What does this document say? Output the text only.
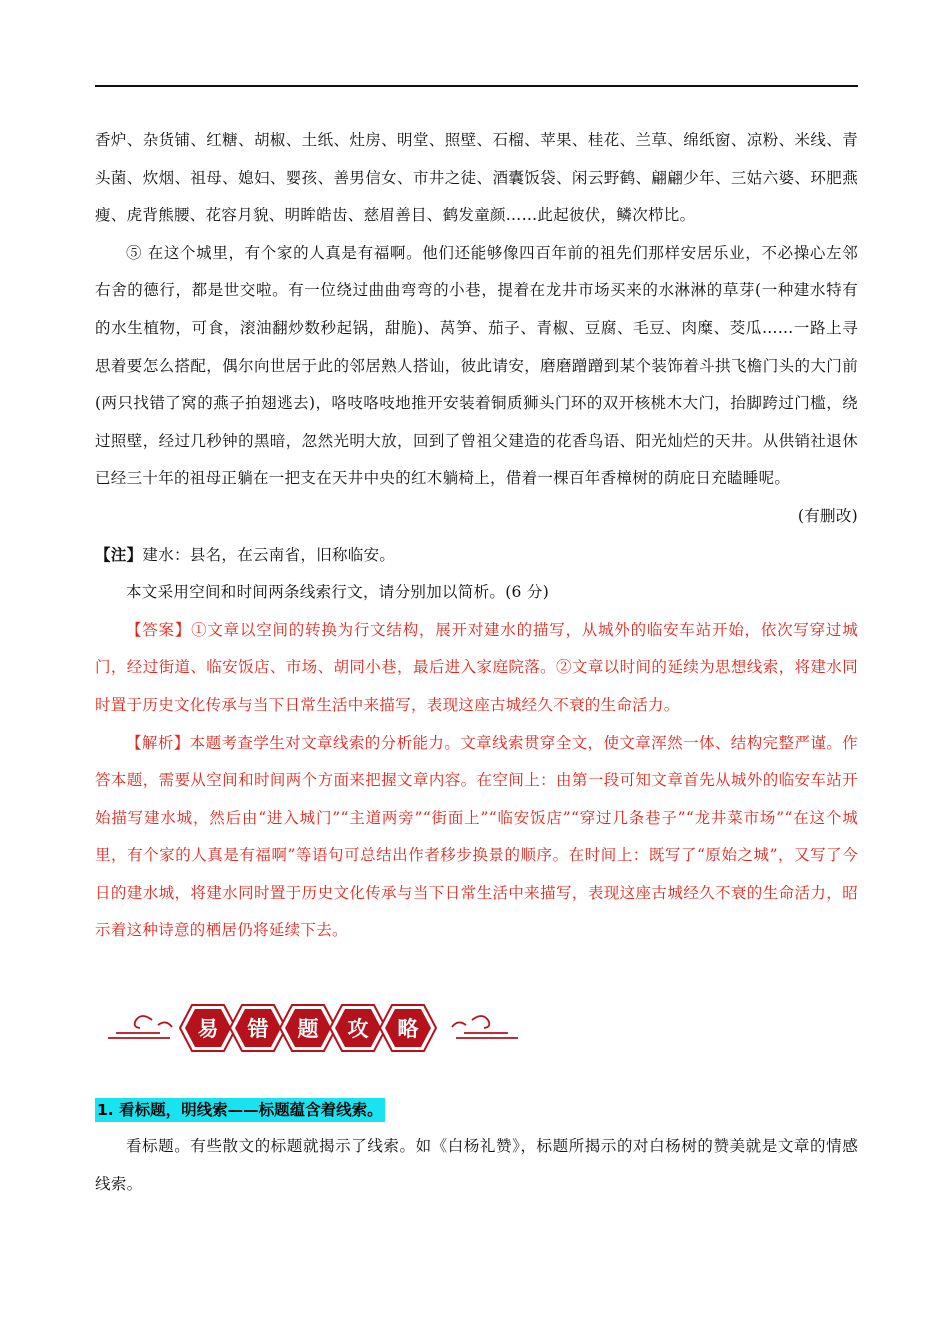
香炉、杂货铺、红糖、胡椒、土纸、灶房、明堂、照壁、石榴、苹果、桂花、兰草、绵纸窗、凉粉、米线、青头菌、炊烟、祖母、媳妇、婴孩、善男信女、市井之徒、酒囊饭袋、闲云野鹤、翩翩少年、三姑六婆、环肥燕瘦、虎背熊腰、花容月貌、明眸皓齿、慈眉善目、鹤发童颜……此起彼伏，鳞次栉比。

⑤ 在这个城里，有个家的人真是有福啊。他们还能够像四百年前的祖先们那样安居乐业，不必操心左邻右舍的德行，都是世交啦。有一位绕过曲曲弯弯的小巷，提着在龙井市场买来的水淋淋的草芽(一种建水特有的水生植物，可食，滚油翻炒数秒起锅，甜脆)、莴笋、茄子、青椒、豆腐、毛豆、肉糜、茭瓜……一路上寻思着要怎么搭配，偶尔向世居于此的邻居熟人搭讪，彼此请安，磨磨蹭蹭到某个装饰着斗拱飞檐门头的大门前(两只找错了窝的燕子拍翅逃去)，咯吱咯吱地推开安装着铜质狮头门环的双开核桃木大门，抬脚跨过门槛，绕过照壁，经过几秒钟的黑暗，忽然光明大放，回到了曾祖父建造的花香鸟语、阳光灿烂的天井。从供销社退休已经三十年的祖母正躺在一把支在天井中央的红木躺椅上，借着一棵百年香樟树的荫庇日充瞌睡呢。

(有删改)

【注】建水：县名，在云南省，旧称临安。

本文采用空间和时间两条线索行文，请分别加以简析。(6 分)

【答案】①文章以空间的转换为行文结构，展开对建水的描写，从城外的临安车站开始，依次写穿过城门，经过街道、临安饭店、市场、胡同小巷，最后进入家庭院落。②文章以时间的延续为思想线索，将建水同时置于历史文化传承与当下日常生活中来描写，表现这座古城经久不衰的生命活力。

【解析】本题考查学生对文章线索的分析能力。文章线索贯穿全文，使文章浑然一体、结构完整严谨。作答本题，需要从空间和时间两个方面来把握文章内容。在空间上：由第一段可知文章首先从城外的临安车站开始描写建水城，然后由“进入城门”“主道两旁”“街面上”“临安饭店”“穿过几条巷子”“龙井菜市场”“在这个城里，有个家的人真是有福啊”等语句可总结出作者移步换景的顺序。在时间上：既写了“原始之城”，又写了今日的建水城，将建水同时置于历史文化传承与当下日常生活中来描写，表现这座古城经久不衰的生命活力，昭示着这种诗意的栖居仍将延续下去。

易 错 题 攻 略
1. 看标题，明线索——标题蕴含着线索。

看标题。有些散文的标题就揭示了线索。如《白杨礼赞》，标题所揭示的对白杨树的赞美就是文章的情感线索。
